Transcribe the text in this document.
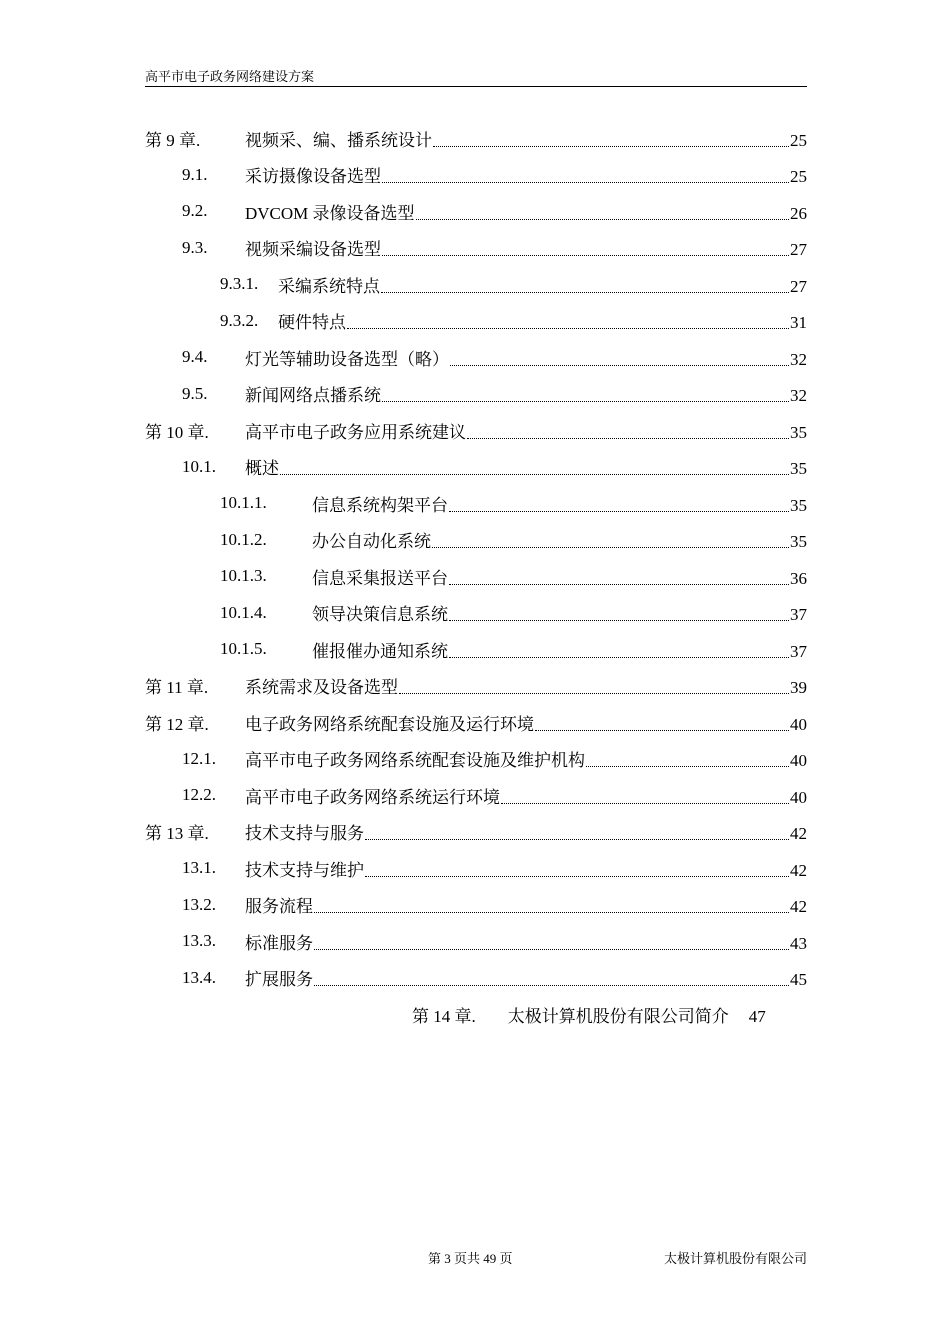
高平市电子政务网络建设方案
第 9 章.	视频采、编、播系统设计	25
9.1. 采访摄像设备选型	25
9.2. DVCOM 录像设备选型	26
9.3. 视频采编设备选型	27
9.3.1. 采编系统特点	27
9.3.2. 硬件特点	31
9.4. 灯光等辅助设备选型（略）	32
9.5. 新闻网络点播系统	32
第 10 章. 高平市电子政务应用系统建议	35
10.1. 概述	35
10.1.1.	信息系统构架平台	35
10.1.2.	办公自动化系统	35
10.1.3.	信息采集报送平台	36
10.1.4.	领导决策信息系统	37
10.1.5.	催报催办通知系统	37
第 11 章. 系统需求及设备选型	39
第 12 章. 电子政务网络系统配套设施及运行环境	40
12.1. 高平市电子政务网络系统配套设施及维护机构	40
12.2. 高平市电子政务网络系统运行环境	40
第 13 章. 技术支持与服务	42
13.1. 技术支持与维护	42
13.2. 服务流程	42
13.3. 标准服务	43
13.4. 扩展服务	45
第 14 章. 太极计算机股份有限公司简介 47
第 3 页共 49 页	太极计算机股份有限公司
